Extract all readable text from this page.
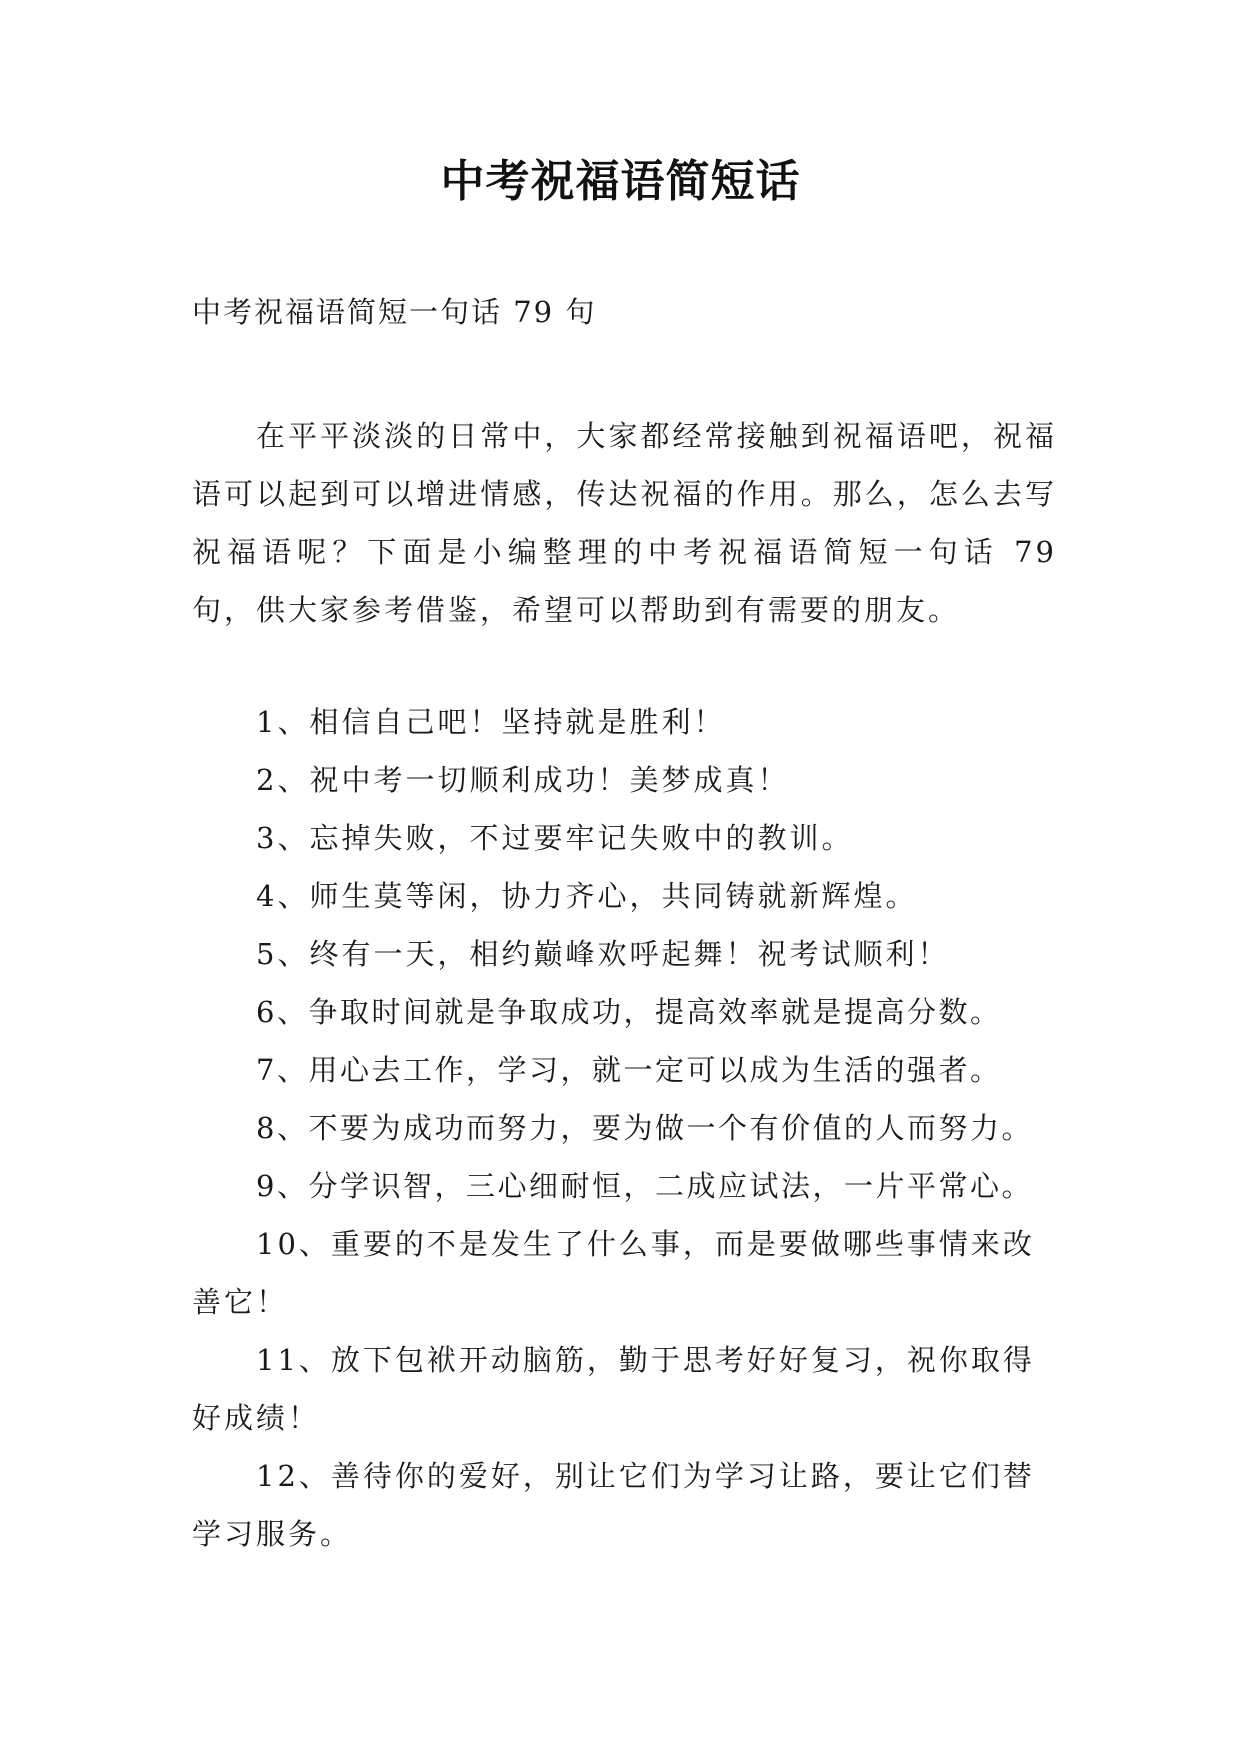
中考祝福语简短话
中考祝福语简短一句话 79 句

在平平淡淡的日常中，大家都经常接触到祝福语吧，祝福语可以起到可以增进情感，传达祝福的作用。那么，怎么去写祝福语呢？下面是小编整理的中考祝福语简短一句话 79 句，供大家参考借鉴，希望可以帮助到有需要的朋友。

1、相信自己吧！坚持就是胜利！
2、祝中考一切顺利成功！美梦成真！
3、忘掉失败，不过要牢记失败中的教训。
4、师生莫等闲，协力齐心，共同铸就新辉煌。
5、终有一天，相约巅峰欢呼起舞！祝考试顺利！
6、争取时间就是争取成功，提高效率就是提高分数。
7、用心去工作，学习，就一定可以成为生活的强者。
8、不要为成功而努力，要为做一个有价值的人而努力。
9、分学识智，三心细耐恒，二成应试法，一片平常心。
10、重要的不是发生了什么事，而是要做哪些事情来改善它！
11、放下包袱开动脑筋，勤于思考好好复习，祝你取得好成绩！
12、善待你的爱好，别让它们为学习让路，要让它们替学习服务。
